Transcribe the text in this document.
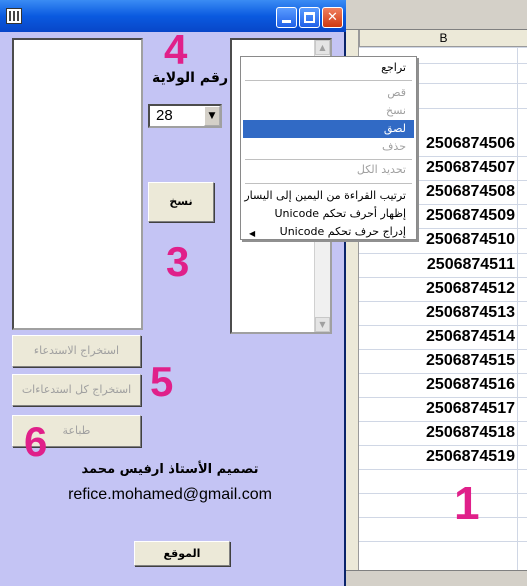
B
2506874506
2506874507
2506874508
2506874509
2506874510
2506874511
2506874512
2506874513
2506874514
2506874515
2506874516
2506874517
2506874518
2506874519
✕
▲
▼
رقم الولاية
28	▼
نسخ
استخراج الاستدعاء
استخراج كل استدعاءات
طباعة
تصميم الأستاذ ارفيس محمد
refice.mohamed@gmail.com
الموقع
1
3
4
5
6
تراجع
قص
نسخ
لصق
حذف
تحديد الكل
ترتيب القراءة من اليمين إلى اليسار
إظهار أحرف تحكم Unicode
إدراج حرف تحكم Unicode
◀
